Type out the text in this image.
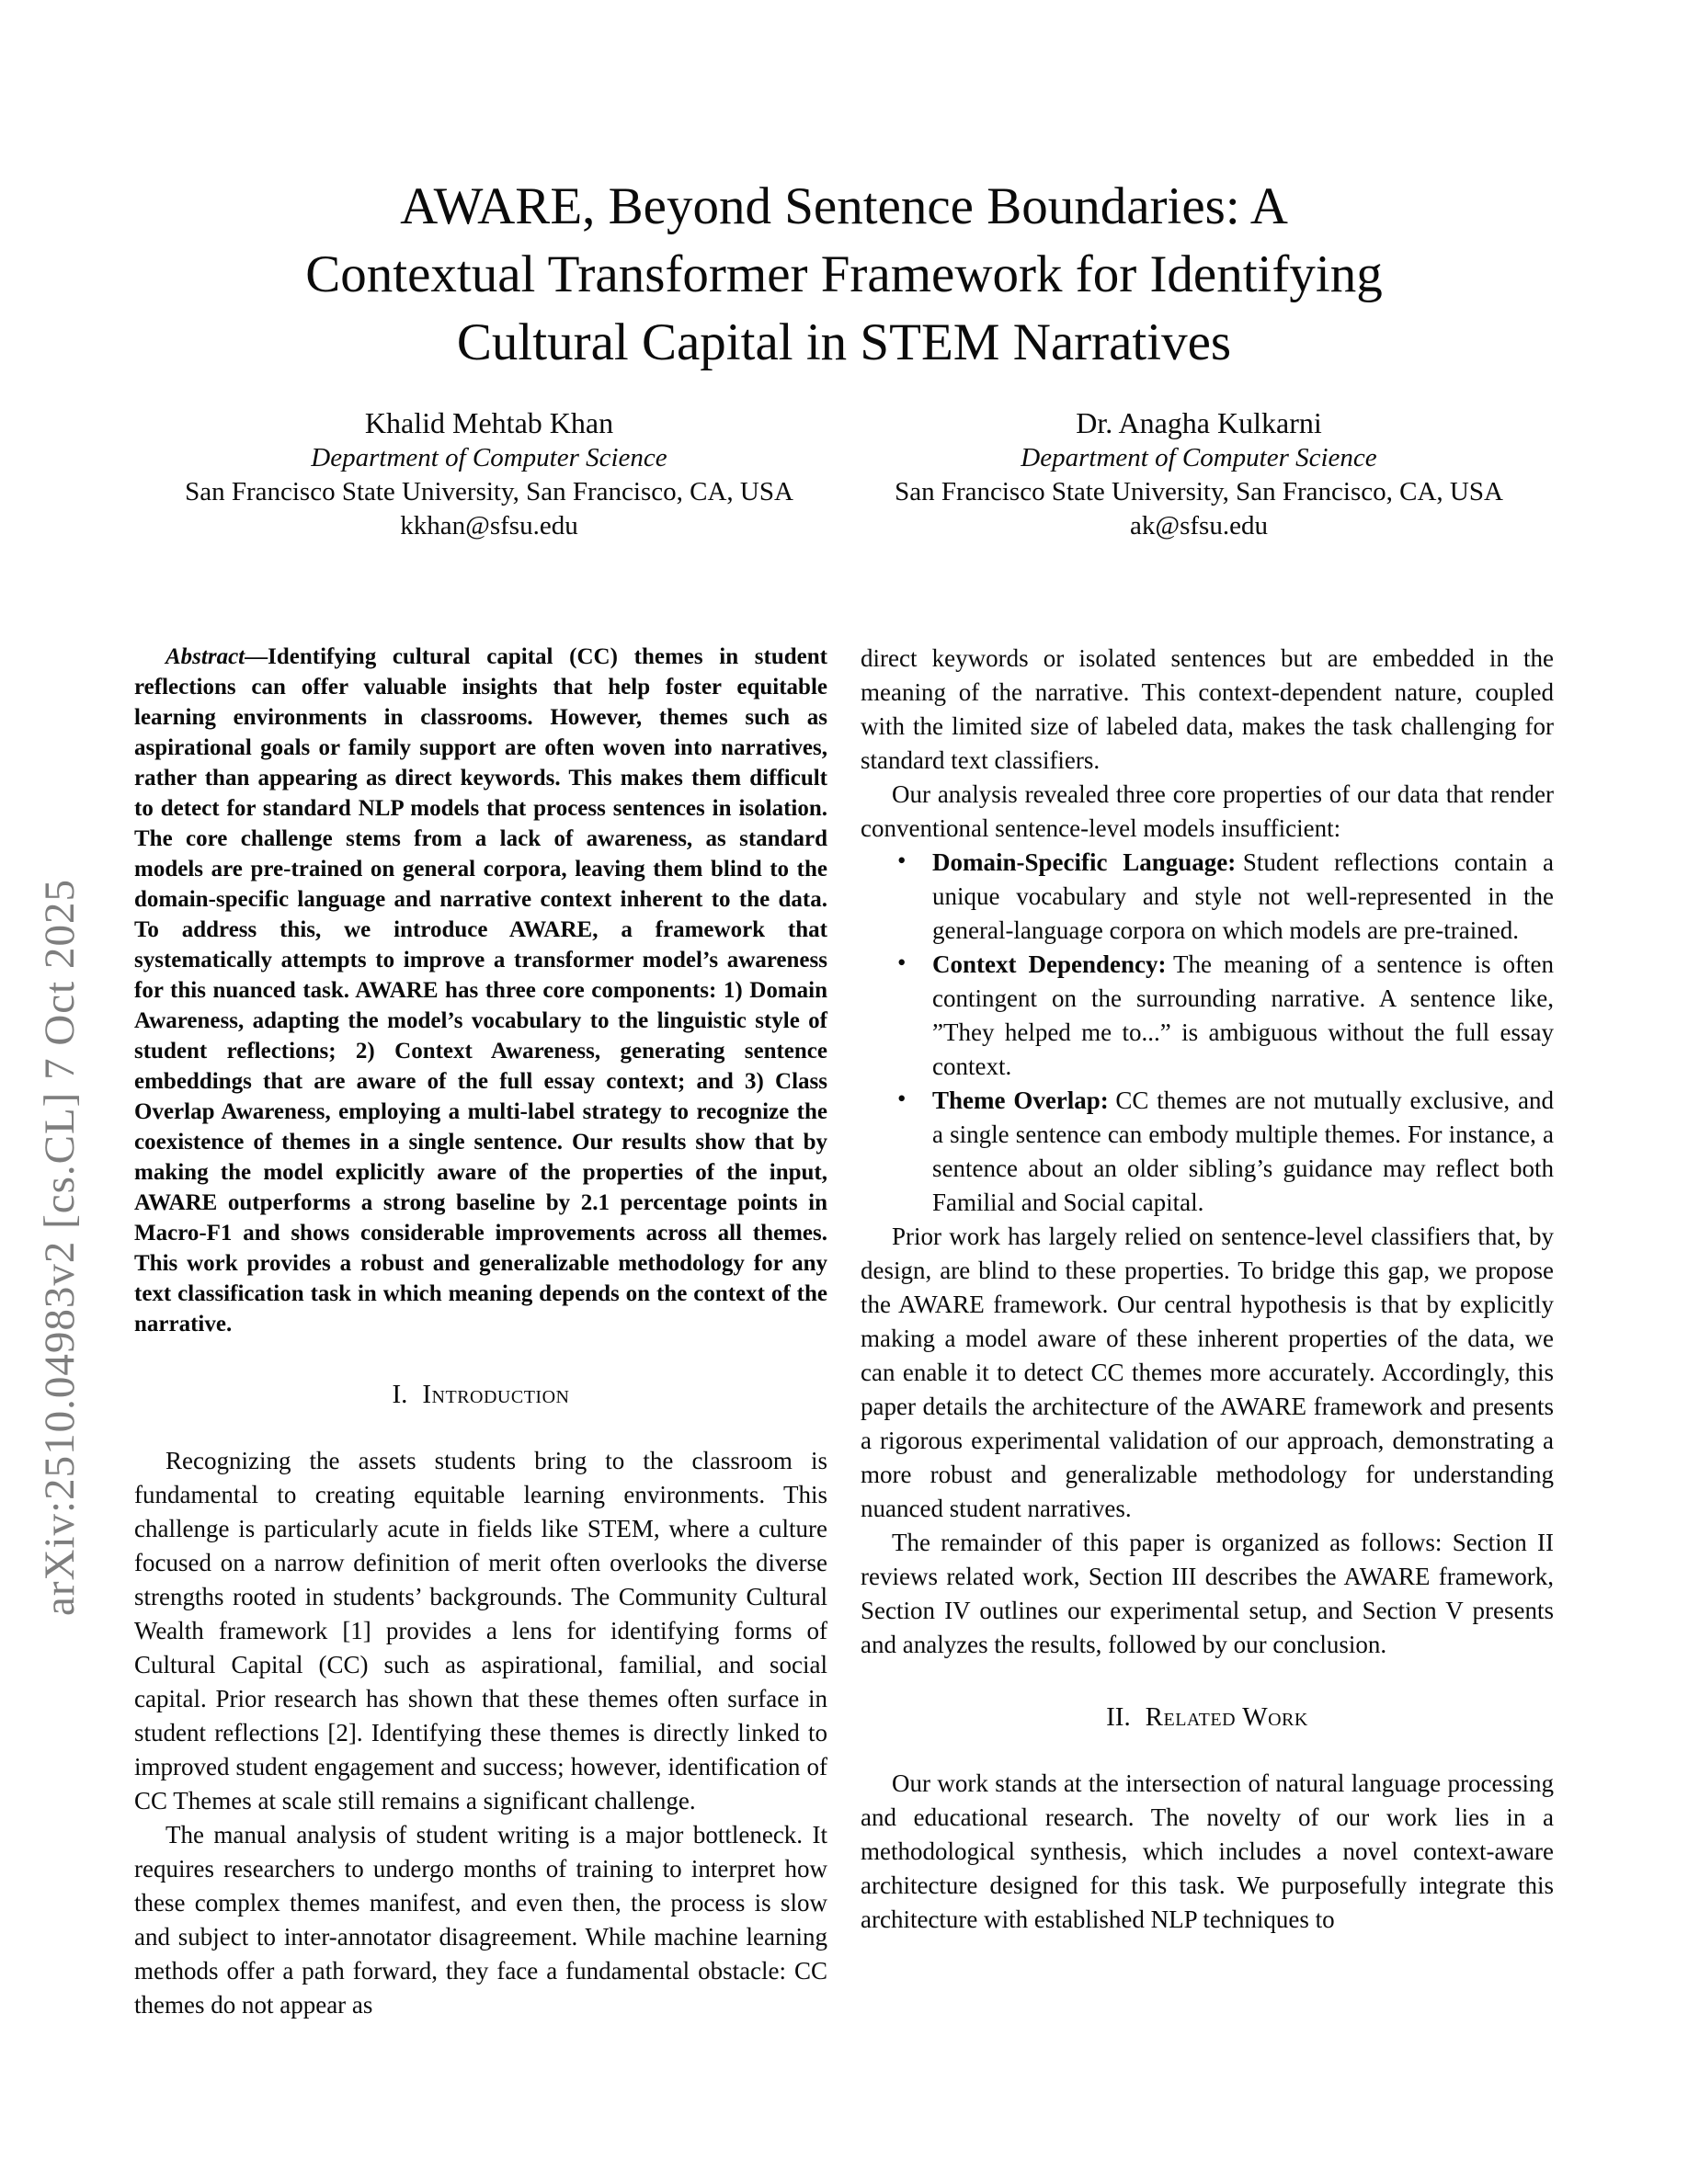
arXiv:2510.04983v2 [cs.CL] 7 Oct 2025
AWARE, Beyond Sentence Boundaries: A
Contextual Transformer Framework for Identifying
Cultural Capital in STEM Narratives
Khalid Mehtab Khan
Department of Computer Science
San Francisco State University, San Francisco, CA, USA
kkhan@sfsu.edu
Dr. Anagha Kulkarni
Department of Computer Science
San Francisco State University, San Francisco, CA, USA
ak@sfsu.edu

Abstract—Identifying cultural capital (CC) themes in student reflections can offer valuable insights that help foster equitable learning environments in classrooms. However, themes such as aspirational goals or family support are often woven into narratives, rather than appearing as direct keywords. This makes them difficult to detect for standard NLP models that process sentences in isolation. The core challenge stems from a lack of awareness, as standard models are pre-trained on general corpora, leaving them blind to the domain-specific language and narrative context inherent to the data. To address this, we introduce AWARE, a framework that systematically attempts to improve a transformer model’s awareness for this nuanced task. AWARE has three core components: 1) Domain Awareness, adapting the model’s vocabulary to the linguistic style of student reflections; 2) Context Awareness, generating sentence embeddings that are aware of the full essay context; and 3) Class Overlap Awareness, employing a multi-label strategy to recognize the coexistence of themes in a single sentence. Our results show that by making the model explicitly aware of the properties of the input, AWARE outperforms a strong baseline by 2.1 percentage points in Macro-F1 and shows considerable improvements across all themes. This work provides a robust and generalizable methodology for any text classification task in which meaning depends on the context of the narrative.

I. Introduction

Recognizing the assets students bring to the classroom is fundamental to creating equitable learning environments. This challenge is particularly acute in fields like STEM, where a culture focused on a narrow definition of merit often overlooks the diverse strengths rooted in students’ backgrounds. The Community Cultural Wealth framework [1] provides a lens for identifying forms of Cultural Capital (CC) such as aspirational, familial, and social capital. Prior research has shown that these themes often surface in student reflections [2]. Identifying these themes is directly linked to improved student engagement and success; however, identification of CC Themes at scale still remains a significant challenge.

The manual analysis of student writing is a major bottleneck. It requires researchers to undergo months of training to interpret how these complex themes manifest, and even then, the process is slow and subject to inter-annotator disagreement. While machine learning methods offer a path forward, they face a fundamental obstacle: CC themes do not appear as

direct keywords or isolated sentences but are embedded in the meaning of the narrative. This context-dependent nature, coupled with the limited size of labeled data, makes the task challenging for standard text classifiers.

Our analysis revealed three core properties of our data that render conventional sentence-level models insufficient:

• Domain-Specific Language: Student reflections contain a unique vocabulary and style not well-represented in the general-language corpora on which models are pre-trained.
• Context Dependency: The meaning of a sentence is often contingent on the surrounding narrative. A sentence like, ”They helped me to...” is ambiguous without the full essay context.
• Theme Overlap: CC themes are not mutually exclusive, and a single sentence can embody multiple themes. For instance, a sentence about an older sibling’s guidance may reflect both Familial and Social capital.

Prior work has largely relied on sentence-level classifiers that, by design, are blind to these properties. To bridge this gap, we propose the AWARE framework. Our central hypothesis is that by explicitly making a model aware of these inherent properties of the data, we can enable it to detect CC themes more accurately. Accordingly, this paper details the architecture of the AWARE framework and presents a rigorous experimental validation of our approach, demonstrating a more robust and generalizable methodology for understanding nuanced student narratives.

The remainder of this paper is organized as follows: Section II reviews related work, Section III describes the AWARE framework, Section IV outlines our experimental setup, and Section V presents and analyzes the results, followed by our conclusion.

II. Related Work

Our work stands at the intersection of natural language processing and educational research. The novelty of our work lies in a methodological synthesis, which includes a novel context-aware architecture designed for this task. We purposefully integrate this architecture with established NLP techniques to
